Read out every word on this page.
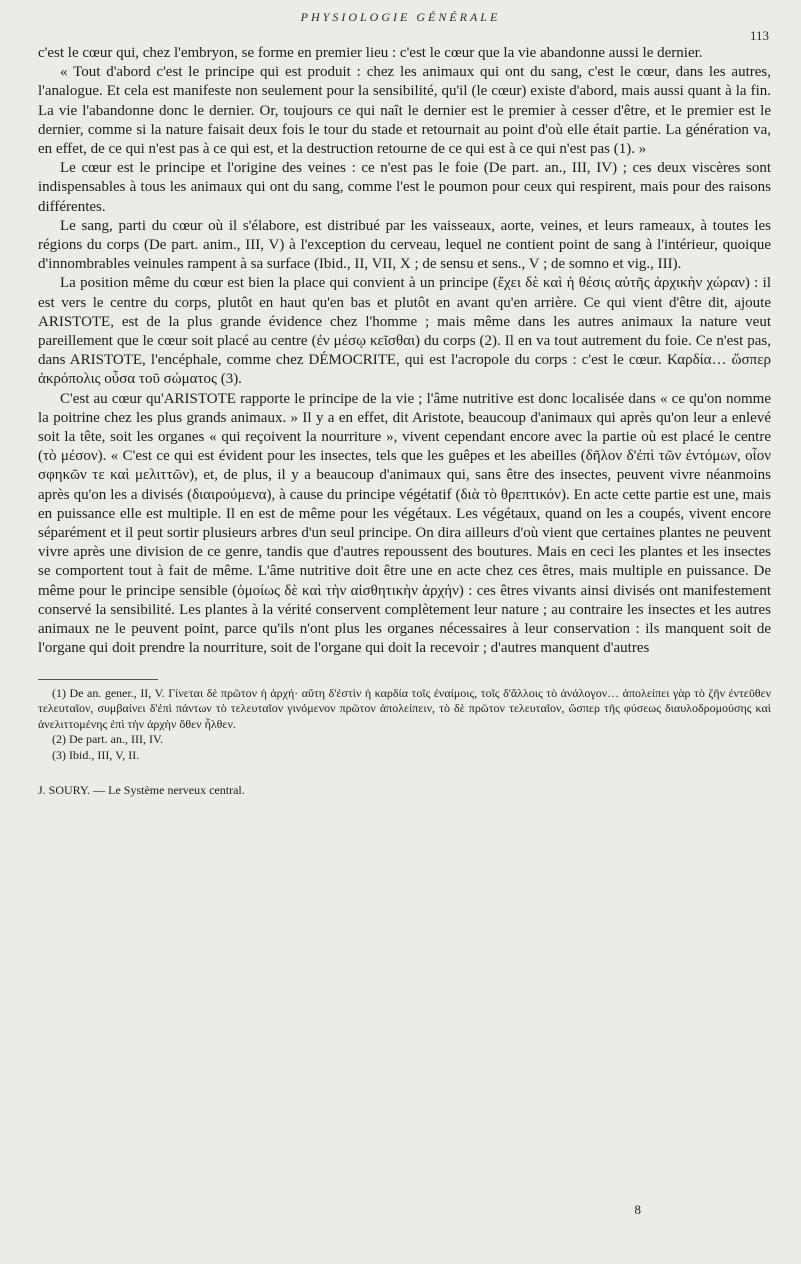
PHYSIOLOGIE GÉNÉRALE
113

c'est le cœur qui, chez l'embryon, se forme en premier lieu : c'est le cœur que la vie abandonne aussi le dernier.

« Tout d'abord c'est le principe qui est produit : chez les animaux qui ont du sang, c'est le cœur, dans les autres, l'analogue. Et cela est manifeste non seulement pour la sensibilité, qu'il (le cœur) existe d'abord, mais aussi quant à la fin. La vie l'abandonne donc le dernier. Or, toujours ce qui naît le dernier est le premier à cesser d'être, et le premier est le dernier, comme si la nature faisait deux fois le tour du stade et retournait au point d'où elle était partie. La génération va, en effet, de ce qui n'est pas à ce qui est, et la destruction retourne de ce qui est à ce qui n'est pas (1). »

Le cœur est le principe et l'origine des veines : ce n'est pas le foie (De part. an., III, IV) ; ces deux viscères sont indispensables à tous les animaux qui ont du sang, comme l'est le poumon pour ceux qui respirent, mais pour des raisons différentes.

Le sang, parti du cœur où il s'élabore, est distribué par les vaisseaux, aorte, veines, et leurs rameaux, à toutes les régions du corps (De part. anim., III, V) à l'exception du cerveau, lequel ne contient point de sang à l'intérieur, quoique d'innombrables veinules rampent à sa surface (Ibid., II, VII, X ; de sensu et sens., V ; de somno et vig., III).

La position même du cœur est bien la place qui convient à un principe (ἔχει δὲ καὶ ἡ θέσις αὐτῆς ἀρχικὴν χώραν) : il est vers le centre du corps, plutôt en haut qu'en bas et plutôt en avant qu'en arrière. Ce qui vient d'être dit, ajoute ARISTOTE, est de la plus grande évidence chez l'homme ; mais même dans les autres animaux la nature veut pareillement que le cœur soit placé au centre (ἐν μέσῳ κεῖσθαι) du corps (2). Il en va tout autrement du foie. Ce n'est pas, dans ARISTOTE, l'encéphale, comme chez DÉMOCRITE, qui est l'acropole du corps : c'est le cœur. Καρδία… ὥσπερ ἀκρόπολις οὖσα τοῦ σώματος (3).

C'est au cœur qu'ARISTOTE rapporte le principe de la vie ; l'âme nutritive est donc localisée dans « ce qu'on nomme la poitrine chez les plus grands animaux. » Il y a en effet, dit Aristote, beaucoup d'animaux qui après qu'on leur a enlevé soit la tête, soit les organes « qui reçoivent la nourriture », vivent cependant encore avec la partie où est placé le centre (τὸ μέσον). « C'est ce qui est évident pour les insectes, tels que les guêpes et les abeilles (δῆλον δ'ἐπὶ τῶν ἐντόμων, οἷον σφηκῶν τε καὶ μελιττῶν), et, de plus, il y a beaucoup d'animaux qui, sans être des insectes, peuvent vivre néanmoins après qu'on les a divisés (διαιρούμενα), à cause du principe végétatif (διὰ τὸ θρεπτικόν). En acte cette partie est une, mais en puissance elle est multiple. Il en est de même pour les végétaux. Les végétaux, quand on les a coupés, vivent encore séparément et il peut sortir plusieurs arbres d'un seul principe. On dira ailleurs d'où vient que certaines plantes ne peuvent vivre après une division de ce genre, tandis que d'autres repoussent des boutures. Mais en ceci les plantes et les insectes se comportent tout à fait de même. L'âme nutritive doit être une en acte chez ces êtres, mais multiple en puissance. De même pour le principe sensible (ὁμοίως δὲ καὶ τὴν αἰσθητικὴν ἀρχήν) : ces êtres vivants ainsi divisés ont manifestement conservé la sensibilité. Les plantes à la vérité conservent complètement leur nature ; au contraire les insectes et les autres animaux ne le peuvent point, parce qu'ils n'ont plus les organes nécessaires à leur conservation : ils manquent soit de l'organe qui doit prendre la nourriture, soit de l'organe qui doit la recevoir ; d'autres manquent d'autres

(1) De an. gener., II, V. Γίνεται δὲ πρῶτον ἡ ἀρχή· αὕτη δ'ἐστὶν ἡ καρδία τοῖς ἐναίμοις, τοῖς δ'ἄλλοις τὸ ἀνάλογον… ἀπολείπει γὰρ τὸ ζῆν ἐντεῦθεν τελευταῖον, συμβαίνει δ'ἐπὶ πάντων τὸ τελευταῖον γινόμενον πρῶτον ἀπολείπειν, τὸ δὲ πρῶτον τελευταῖον, ὥσπερ τῆς φύσεως διαυλοδρομούσης καὶ ἀνελιττομένης ἐπὶ τὴν ἀρχὴν ὅθεν ἦλθεν.

(2) De part. an., III, IV.

(3) Ibid., III, V, II.

J. SOURY. — Le Système nerveux central.
8
